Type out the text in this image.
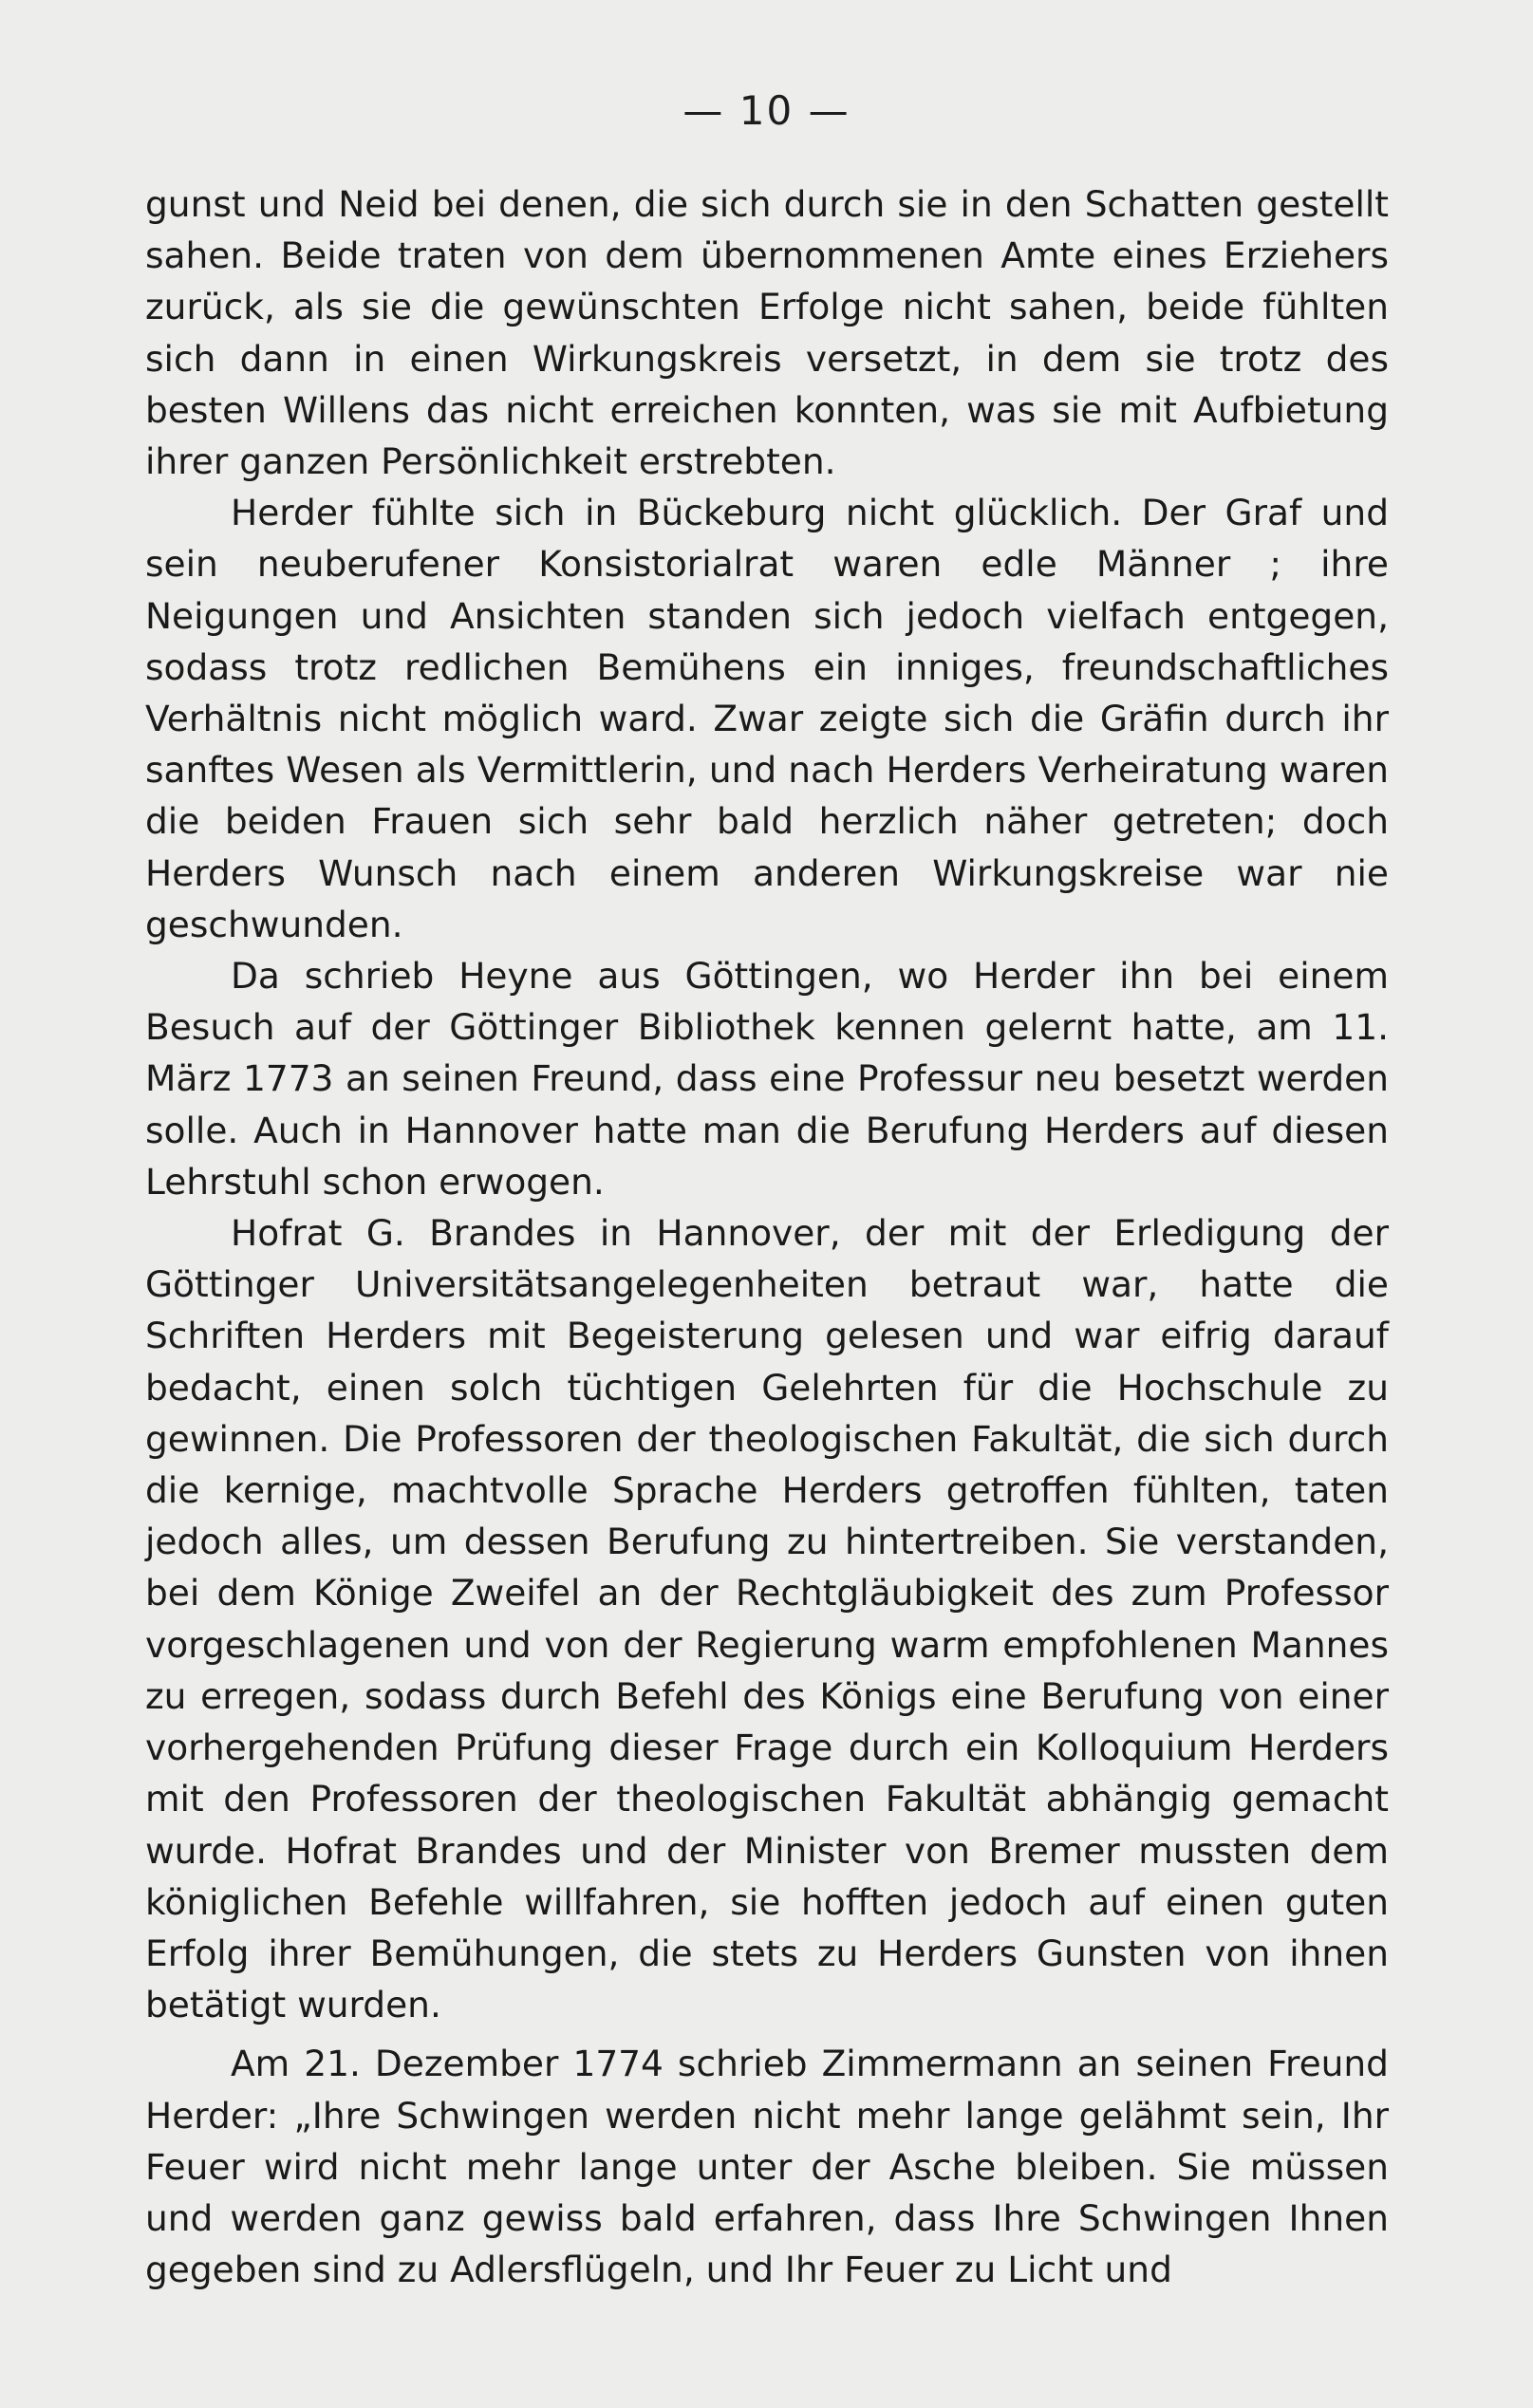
— 10 —

gunst und Neid bei denen, die sich durch sie in den Schatten gestellt sahen. Beide traten von dem übernommenen Amte eines Erziehers zurück, als sie die gewünschten Erfolge nicht sahen, beide fühlten sich dann in einen Wirkungskreis versetzt, in dem sie trotz des besten Willens das nicht erreichen konnten, was sie mit Aufbietung ihrer ganzen Persönlichkeit erstrebten.

Herder fühlte sich in Bückeburg nicht glücklich. Der Graf und sein neuberufener Konsistorialrat waren edle Männer ; ihre Neigungen und Ansichten standen sich jedoch vielfach entgegen, sodass trotz redlichen Bemühens ein inniges, freundschaftliches Verhältnis nicht möglich ward. Zwar zeigte sich die Gräfin durch ihr sanftes Wesen als Vermittlerin, und nach Herders Verheiratung waren die beiden Frauen sich sehr bald herzlich näher getreten; doch Herders Wunsch nach einem anderen Wirkungskreise war nie geschwunden.

Da schrieb Heyne aus Göttingen, wo Herder ihn bei einem Besuch auf der Göttinger Bibliothek kennen gelernt hatte, am 11. März 1773 an seinen Freund, dass eine Professur neu besetzt werden solle. Auch in Hannover hatte man die Berufung Herders auf diesen Lehrstuhl schon erwogen.

Hofrat G. Brandes in Hannover, der mit der Erledigung der Göttinger Universitätsangelegenheiten betraut war, hatte die Schriften Herders mit Begeisterung gelesen und war eifrig darauf bedacht, einen solch tüchtigen Gelehrten für die Hochschule zu gewinnen. Die Professoren der theologischen Fakultät, die sich durch die kernige, machtvolle Sprache Herders getroffen fühlten, taten jedoch alles, um dessen Berufung zu hintertreiben. Sie verstanden, bei dem Könige Zweifel an der Rechtgläubigkeit des zum Professor vorgeschlagenen und von der Regierung warm empfohlenen Mannes zu erregen, sodass durch Befehl des Königs eine Berufung von einer vorhergehenden Prüfung dieser Frage durch ein Kolloquium Herders mit den Professoren der theologischen Fakultät abhängig gemacht wurde. Hofrat Brandes und der Minister von Bremer mussten dem königlichen Befehle willfahren, sie hofften jedoch auf einen guten Erfolg ihrer Bemühungen, die stets zu Herders Gunsten von ihnen betätigt wurden.

Am 21. Dezember 1774 schrieb Zimmermann an seinen Freund Herder: „Ihre Schwingen werden nicht mehr lange gelähmt sein, Ihr Feuer wird nicht mehr lange unter der Asche bleiben. Sie müssen und werden ganz gewiss bald erfahren, dass Ihre Schwingen Ihnen gegeben sind zu Adlersflügeln, und Ihr Feuer zu Licht und
